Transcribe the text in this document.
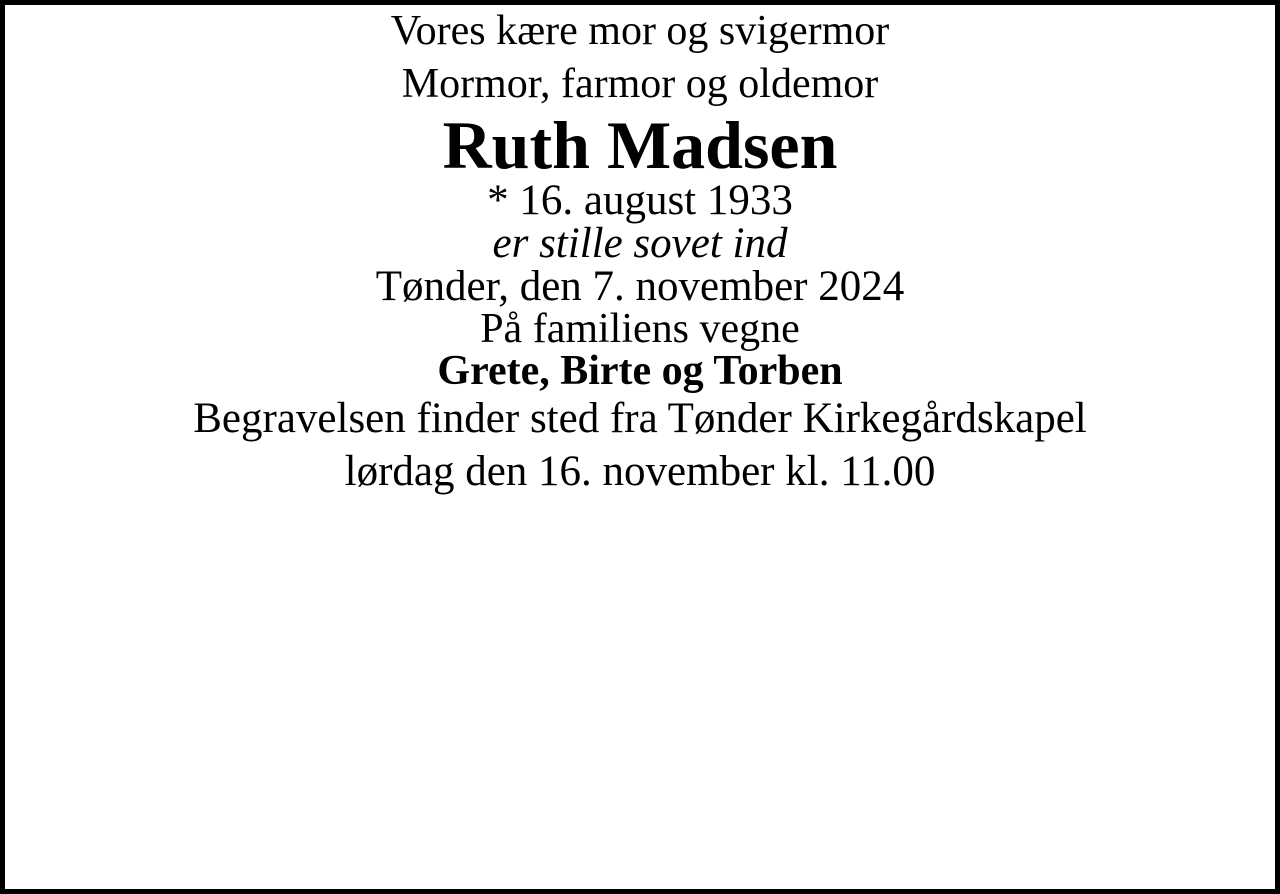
Vores kære mor og svigermor
Mormor, farmor og oldemor

Ruth Madsen

* 16. august 1933

er stille sovet ind

Tønder, den 7. november 2024

På familiens vegne

Grete, Birte og Torben

Begravelsen finder sted fra Tønder Kirkegårdskapel
lørdag den 16. november kl. 11.00
